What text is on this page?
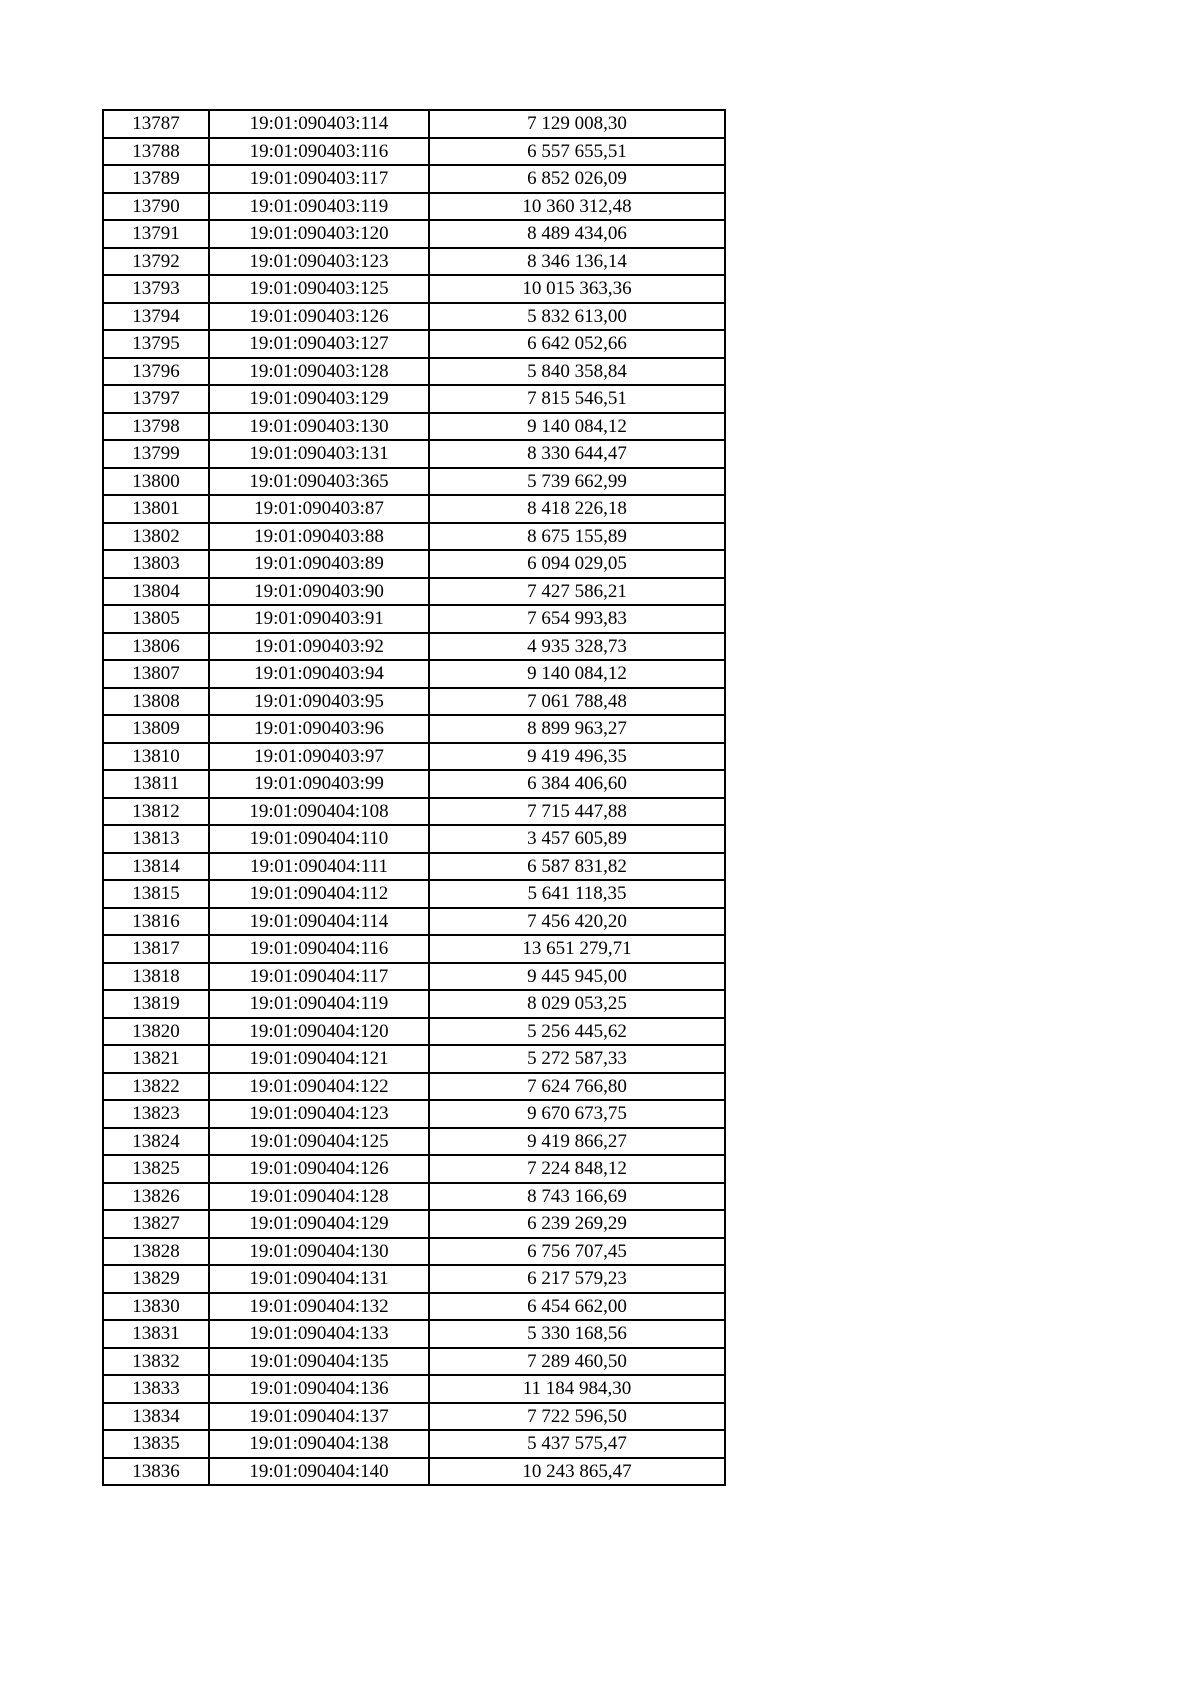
13787	19:01:090403:114	7 129 008,30
13788	19:01:090403:116	6 557 655,51
13789	19:01:090403:117	6 852 026,09
13790	19:01:090403:119	10 360 312,48
13791	19:01:090403:120	8 489 434,06
13792	19:01:090403:123	8 346 136,14
13793	19:01:090403:125	10 015 363,36
13794	19:01:090403:126	5 832 613,00
13795	19:01:090403:127	6 642 052,66
13796	19:01:090403:128	5 840 358,84
13797	19:01:090403:129	7 815 546,51
13798	19:01:090403:130	9 140 084,12
13799	19:01:090403:131	8 330 644,47
13800	19:01:090403:365	5 739 662,99
13801	19:01:090403:87	8 418 226,18
13802	19:01:090403:88	8 675 155,89
13803	19:01:090403:89	6 094 029,05
13804	19:01:090403:90	7 427 586,21
13805	19:01:090403:91	7 654 993,83
13806	19:01:090403:92	4 935 328,73
13807	19:01:090403:94	9 140 084,12
13808	19:01:090403:95	7 061 788,48
13809	19:01:090403:96	8 899 963,27
13810	19:01:090403:97	9 419 496,35
13811	19:01:090403:99	6 384 406,60
13812	19:01:090404:108	7 715 447,88
13813	19:01:090404:110	3 457 605,89
13814	19:01:090404:111	6 587 831,82
13815	19:01:090404:112	5 641 118,35
13816	19:01:090404:114	7 456 420,20
13817	19:01:090404:116	13 651 279,71
13818	19:01:090404:117	9 445 945,00
13819	19:01:090404:119	8 029 053,25
13820	19:01:090404:120	5 256 445,62
13821	19:01:090404:121	5 272 587,33
13822	19:01:090404:122	7 624 766,80
13823	19:01:090404:123	9 670 673,75
13824	19:01:090404:125	9 419 866,27
13825	19:01:090404:126	7 224 848,12
13826	19:01:090404:128	8 743 166,69
13827	19:01:090404:129	6 239 269,29
13828	19:01:090404:130	6 756 707,45
13829	19:01:090404:131	6 217 579,23
13830	19:01:090404:132	6 454 662,00
13831	19:01:090404:133	5 330 168,56
13832	19:01:090404:135	7 289 460,50
13833	19:01:090404:136	11 184 984,30
13834	19:01:090404:137	7 722 596,50
13835	19:01:090404:138	5 437 575,47
13836	19:01:090404:140	10 243 865,47
